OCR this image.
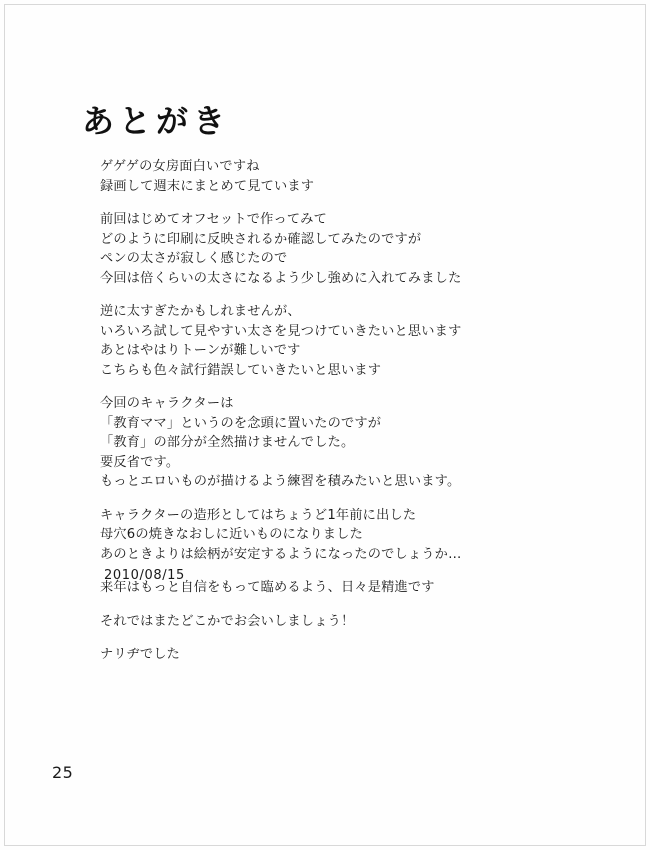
あとがき
ゲゲゲの女房面白いですね
録画して週末にまとめて見ています
前回はじめてオフセットで作ってみて
どのように印刷に反映されるか確認してみたのですが
ペンの太さが寂しく感じたので
今回は倍くらいの太さになるよう少し強めに入れてみました
逆に太すぎたかもしれませんが、
いろいろ試して見やすい太さを見つけていきたいと思います
あとはやはりトーンが難しいです
こちらも色々試行錯誤していきたいと思います
今回のキャラクターは
「教育ママ」というのを念頭に置いたのですが
「教育」の部分が全然描けませんでした。
要反省です。
もっとエロいものが描けるよう練習を積みたいと思います。
キャラクターの造形としてはちょうど1年前に出した
母穴6の焼きなおしに近いものになりました
あのときよりは絵柄が安定するようになったのでしょうか…
来年はもっと自信をもって臨めるよう、日々是精進です
それではまたどこかでお会いしましょう！
ナリヂでした
2010/08/15
25
